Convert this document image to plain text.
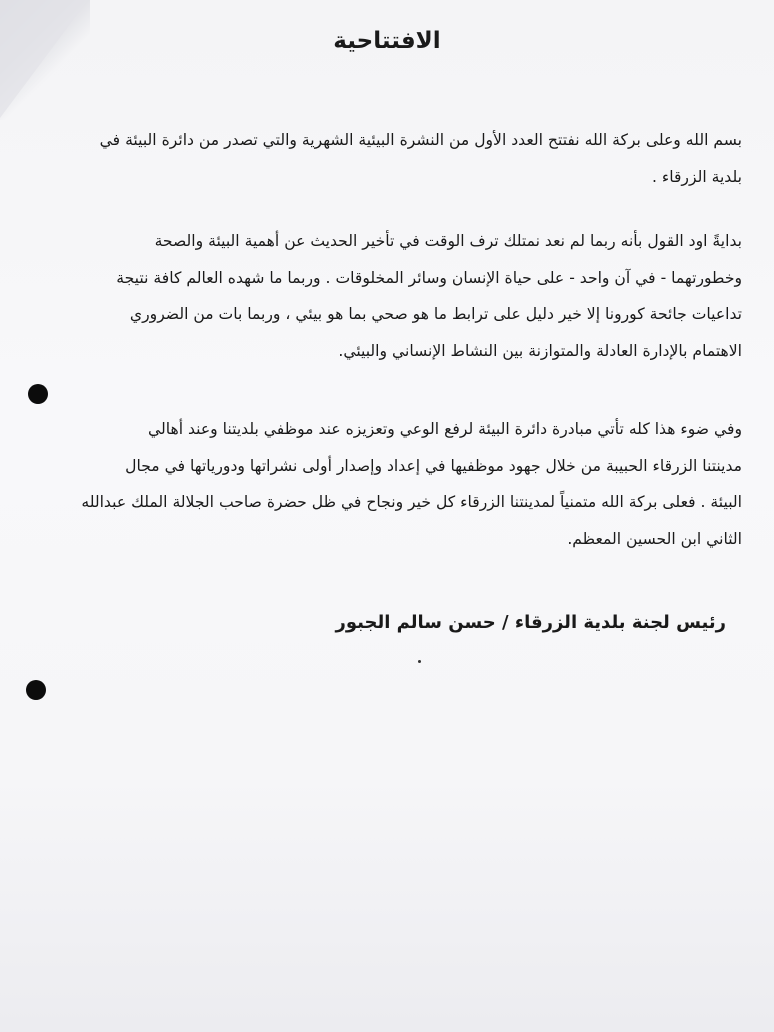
الافتتاحية
بسم الله وعلى بركة الله نفتتح العدد الأول من النشرة البيئية الشهرية والتي تصدر من دائرة البيئة في
بلدية الزرقاء .
بدايةً اود القول بأنه ربما لم نعد نمتلك ترف الوقت في تأخير الحديث عن أهمية البيئة والصحة
وخطورتهما - في آن واحد - على حياة الإنسان وسائر المخلوقات . وربما ما شهده العالم كافة نتيجة
تداعيات جائحة كورونا إلا خير دليل على ترابط ما هو صحي بما هو بيئي ، وربما بات من الضروري
الاهتمام بالإدارة العادلة والمتوازنة بين النشاط الإنساني والبيئي.
وفي ضوء هذا كله تأتي مبادرة دائرة البيئة لرفع الوعي وتعزيزه عند موظفي بلديتنا وعند أهالي
مدينتنا الزرقاء الحبيبة من خلال جهود موظفيها في إعداد وإصدار أولى نشراتها ودورياتها في مجال
البيئة . فعلى بركة الله متمنياً لمدينتنا الزرقاء كل خير ونجاح في ظل حضرة صاحب الجلالة الملك عبدالله
الثاني ابن الحسين المعظم.
رئيس لجنة بلدية الزرقاء / حسن سالم الجبور
